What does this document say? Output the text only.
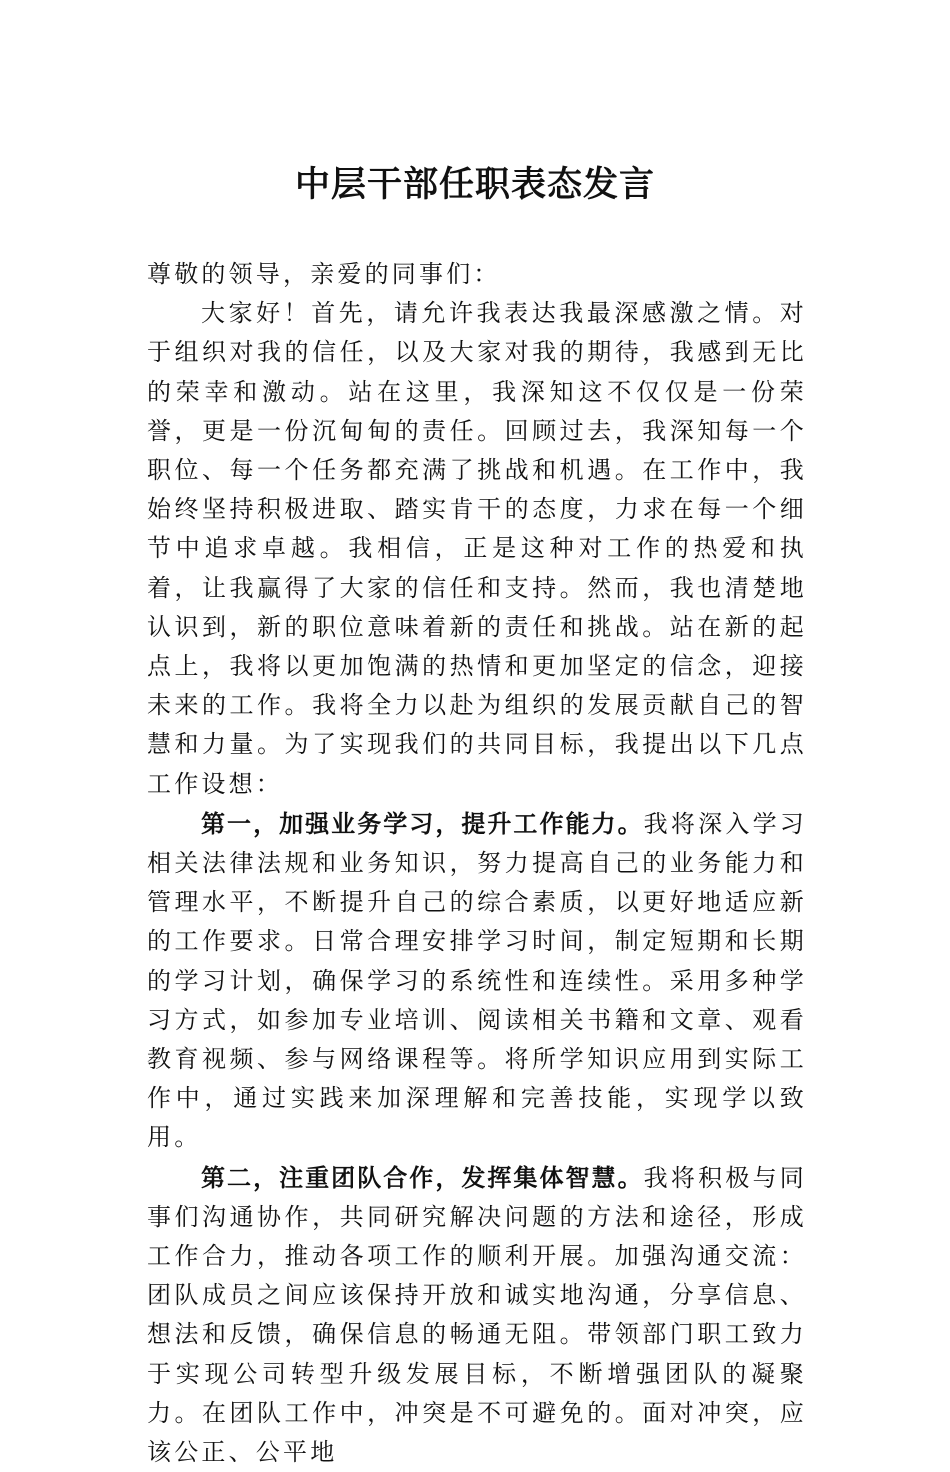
中层干部任职表态发言

尊敬的领导，亲爱的同事们：

大家好！首先，请允许我表达我最深感激之情。对于组织对我的信任，以及大家对我的期待，我感到无比的荣幸和激动。站在这里，我深知这不仅仅是一份荣誉，更是一份沉甸甸的责任。回顾过去，我深知每一个职位、每一个任务都充满了挑战和机遇。在工作中，我始终坚持积极进取、踏实肯干的态度，力求在每一个细节中追求卓越。我相信，正是这种对工作的热爱和执着，让我赢得了大家的信任和支持。然而，我也清楚地认识到，新的职位意味着新的责任和挑战。站在新的起点上，我将以更加饱满的热情和更加坚定的信念，迎接未来的工作。我将全力以赴为组织的发展贡献自己的智慧和力量。为了实现我们的共同目标，我提出以下几点工作设想：

第一，加强业务学习，提升工作能力。我将深入学习相关法律法规和业务知识，努力提高自己的业务能力和管理水平，不断提升自己的综合素质，以更好地适应新的工作要求。日常合理安排学习时间，制定短期和长期的学习计划，确保学习的系统性和连续性。采用多种学习方式，如参加专业培训、阅读相关书籍和文章、观看教育视频、参与网络课程等。将所学知识应用到实际工作中，通过实践来加深理解和完善技能，实现学以致用。

第二，注重团队合作，发挥集体智慧。我将积极与同事们沟通协作，共同研究解决问题的方法和途径，形成工作合力，推动各项工作的顺利开展。加强沟通交流：团队成员之间应该保持开放和诚实地沟通，分享信息、想法和反馈，确保信息的畅通无阻。带领部门职工致力于实现公司转型升级发展目标，不断增强团队的凝聚力。在团队工作中，冲突是不可避免的。面对冲突，应该公正、公平地
